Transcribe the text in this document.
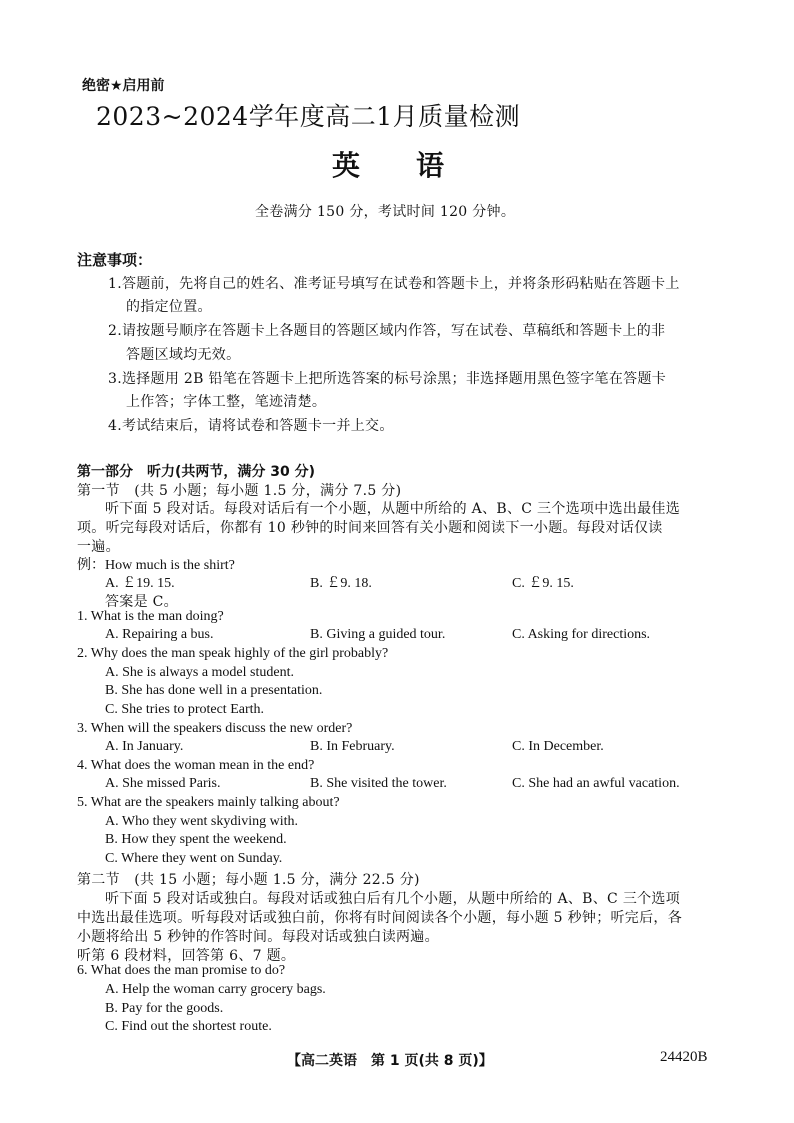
绝密★启用前
2023~2024学年度高二1月质量检测
英　　语
全卷满分 150 分，考试时间 120 分钟。
注意事项：
1.答题前，先将自己的姓名、准考证号填写在试卷和答题卡上，并将条形码粘贴在答题卡上
的指定位置。
2.请按题号顺序在答题卡上各题目的答题区域内作答，写在试卷、草稿纸和答题卡上的非
答题区域均无效。
3.选择题用 2B 铅笔在答题卡上把所选答案的标号涂黑；非选择题用黑色签字笔在答题卡
上作答；字体工整，笔迹清楚。
4.考试结束后，请将试卷和答题卡一并上交。
第一部分　听力(共两节，满分 30 分)
第一节　(共 5 小题；每小题 1.5 分，满分 7.5 分)
听下面 5 段对话。每段对话后有一个小题，从题中所给的 A、B、C 三个选项中选出最佳选
项。听完每段对话后，你都有 10 秒钟的时间来回答有关小题和阅读下一小题。每段对话仅读
一遍。
例：How much is the shirt?
A. ￡19. 15.	B. ￡9. 18.	C. ￡9. 15.
答案是 C。
1. What is the man doing?
A. Repairing a bus.	B. Giving a guided tour.	C. Asking for directions.
2. Why does the man speak highly of the girl probably?
A. She is always a model student.
B. She has done well in a presentation.
C. She tries to protect Earth.
3. When will the speakers discuss the new order?
A. In January.	B. In February.	C. In December.
4. What does the woman mean in the end?
A. She missed Paris.	B. She visited the tower.	C. She had an awful vacation.
5. What are the speakers mainly talking about?
A. Who they went skydiving with.
B. How they spent the weekend.
C. Where they went on Sunday.
第二节　(共 15 小题；每小题 1.5 分，满分 22.5 分)
听下面 5 段对话或独白。每段对话或独白后有几个小题，从题中所给的 A、B、C 三个选项
中选出最佳选项。听每段对话或独白前，你将有时间阅读各个小题，每小题 5 秒钟；听完后，各
小题将给出 5 秒钟的作答时间。每段对话或独白读两遍。
听第 6 段材料，回答第 6、7 题。
6. What does the man promise to do?
A. Help the woman carry grocery bags.
B. Pay for the goods.
C. Find out the shortest route.
【高二英语　第 1 页(共 8 页)】	24420B
